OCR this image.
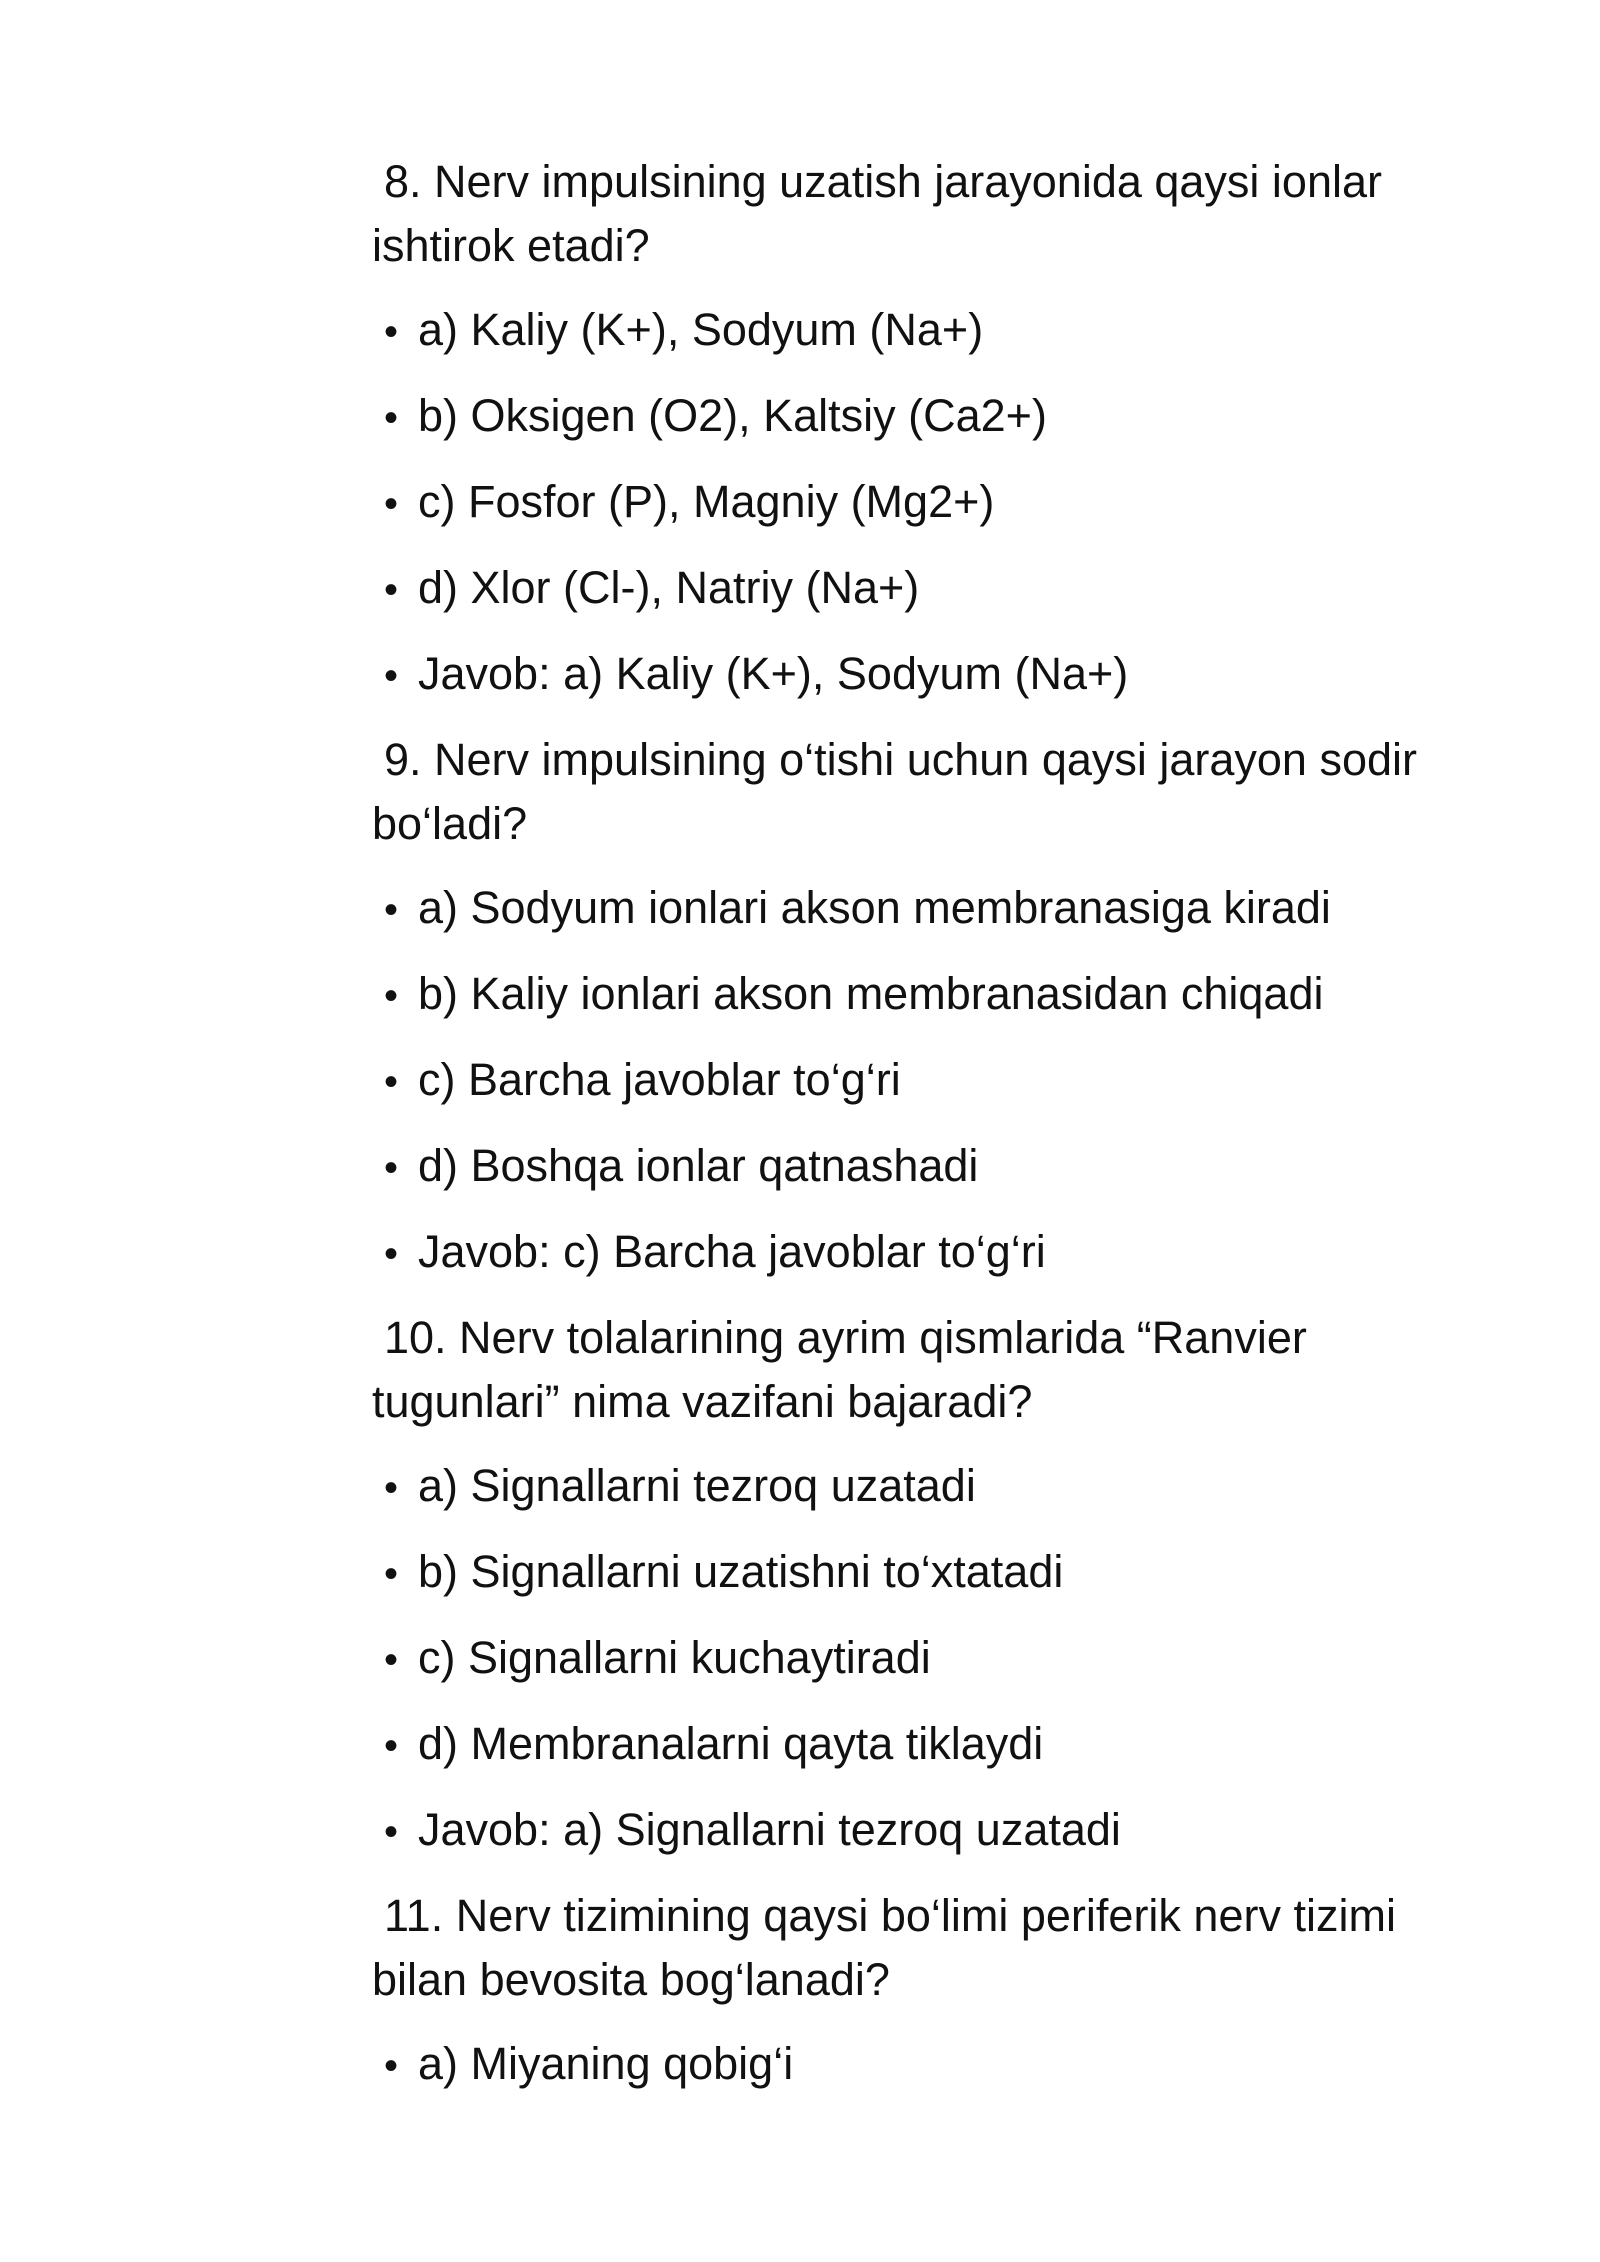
8. Nerv impulsining uzatish jarayonida qaysi ionlar ishtirok etadi?

• a) Kaliy (K+), Sodyum (Na+)
• b) Oksigen (O2), Kaltsiy (Ca2+)
• c) Fosfor (P), Magniy (Mg2+)
• d) Xlor (Cl-), Natriy (Na+)
• Javob: a) Kaliy (K+), Sodyum (Na+)

9. Nerv impulsining o‘tishi uchun qaysi jarayon sodir bo‘ladi?

• a) Sodyum ionlari akson membranasiga kiradi
• b) Kaliy ionlari akson membranasidan chiqadi
• c) Barcha javoblar to‘g‘ri
• d) Boshqa ionlar qatnashadi
• Javob: c) Barcha javoblar to‘g‘ri

10. Nerv tolalarining ayrim qismlarida “Ranvier tugunlari” nima vazifani bajaradi?

• a) Signallarni tezroq uzatadi
• b) Signallarni uzatishni to‘xtatadi
• c) Signallarni kuchaytiradi
• d) Membranalarni qayta tiklaydi
• Javob: a) Signallarni tezroq uzatadi

11. Nerv tizimining qaysi bo‘limi periferik nerv tizimi bilan bevosita bog‘lanadi?

• a) Miyaning qobig‘i
